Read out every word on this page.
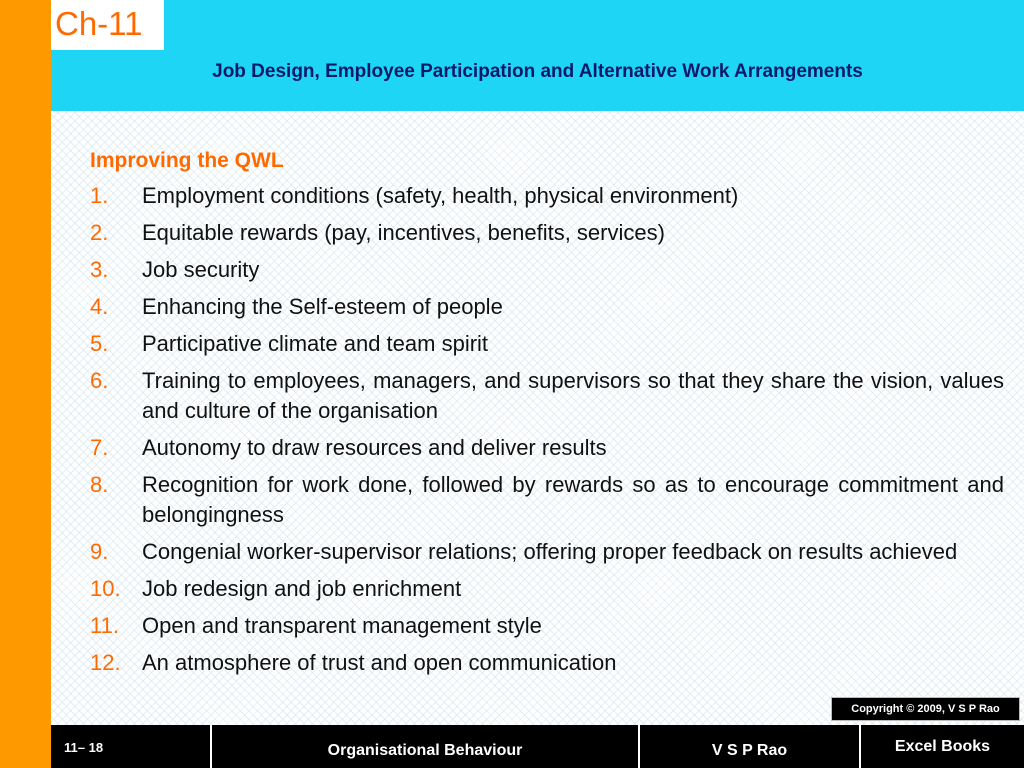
Ch-11
Job Design, Employee Participation and Alternative Work Arrangements
Improving the QWL
1. Employment conditions (safety, health, physical environment)
2. Equitable rewards (pay, incentives, benefits, services)
3. Job security
4. Enhancing the Self-esteem of people
5. Participative climate and team spirit
6. Training to employees, managers, and supervisors so that they share the vision, values and culture of the organisation
7. Autonomy to draw resources and deliver results
8. Recognition for work done, followed by rewards so as to encourage commitment and belongingness
9. Congenial worker-supervisor relations; offering proper feedback on results achieved
10. Job redesign and job enrichment
11. Open and transparent management style
12. An atmosphere of trust and open communication
Copyright © 2009, V S P Rao
11– 18	Organisational Behaviour	V S P Rao	Excel Books
